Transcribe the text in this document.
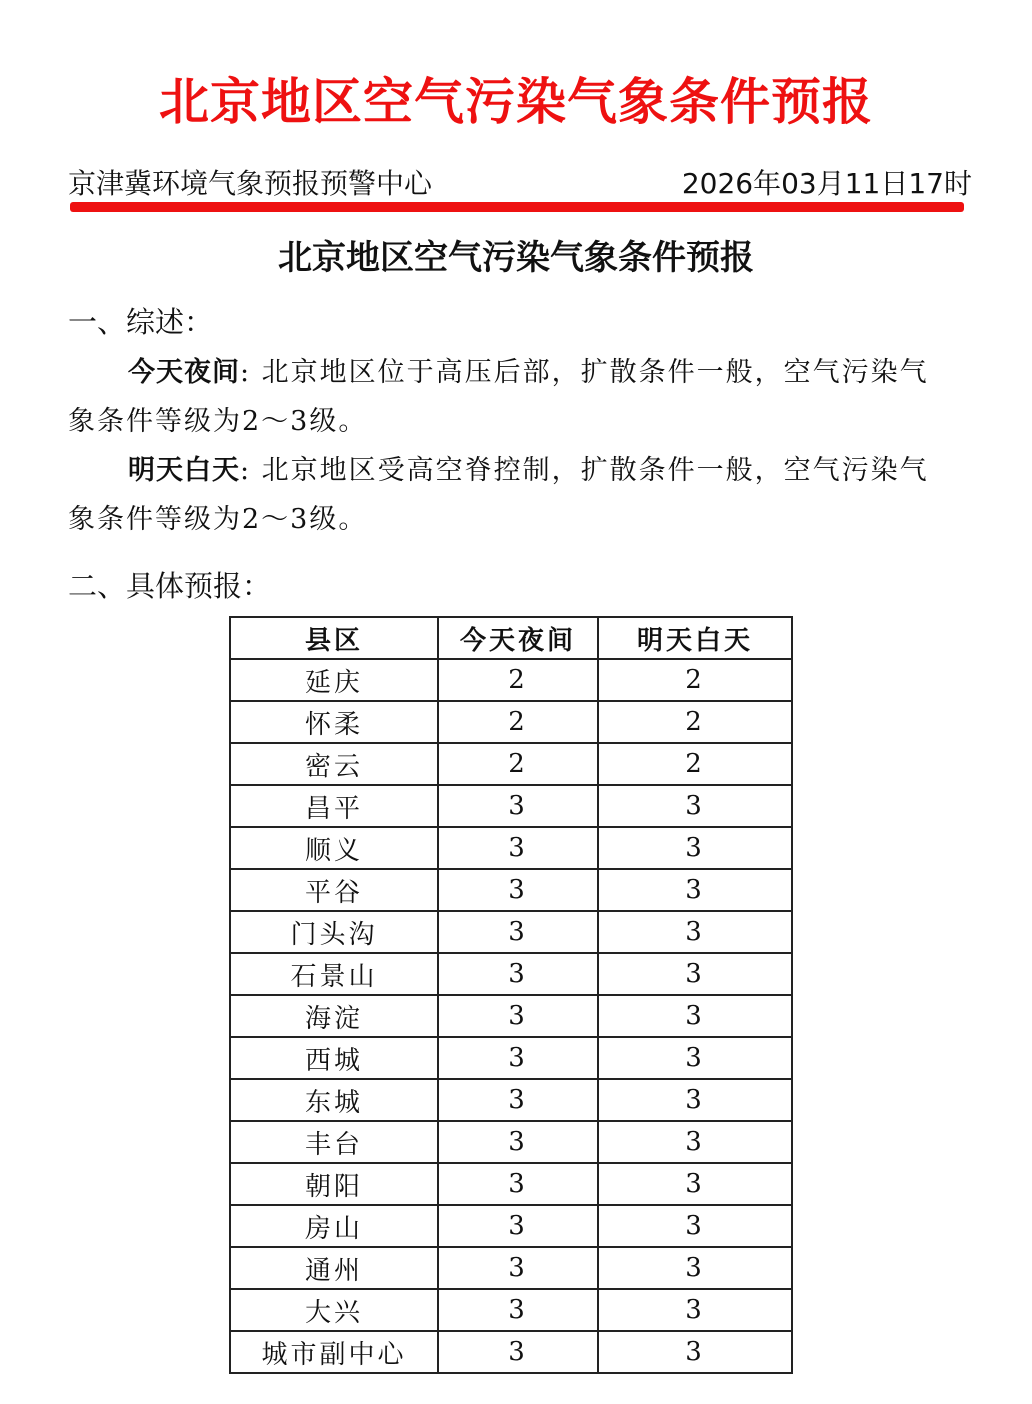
北京地区空气污染气象条件预报
京津冀环境气象预报预警中心	2026年03月11日17时
北京地区空气污染气象条件预报
一、综述：
今天夜间: 北京地区位于高压后部，扩散条件一般，空气污染气象条件等级为2～3级。
明天白天: 北京地区受高空脊控制，扩散条件一般，空气污染气象条件等级为2～3级。
二、具体预报：
县区	今天夜间	明天白天
延庆	2	2
怀柔	2	2
密云	2	2
昌平	3	3
顺义	3	3
平谷	3	3
门头沟	3	3
石景山	3	3
海淀	3	3
西城	3	3
东城	3	3
丰台	3	3
朝阳	3	3
房山	3	3
通州	3	3
大兴	3	3
城市副中心	3	3
